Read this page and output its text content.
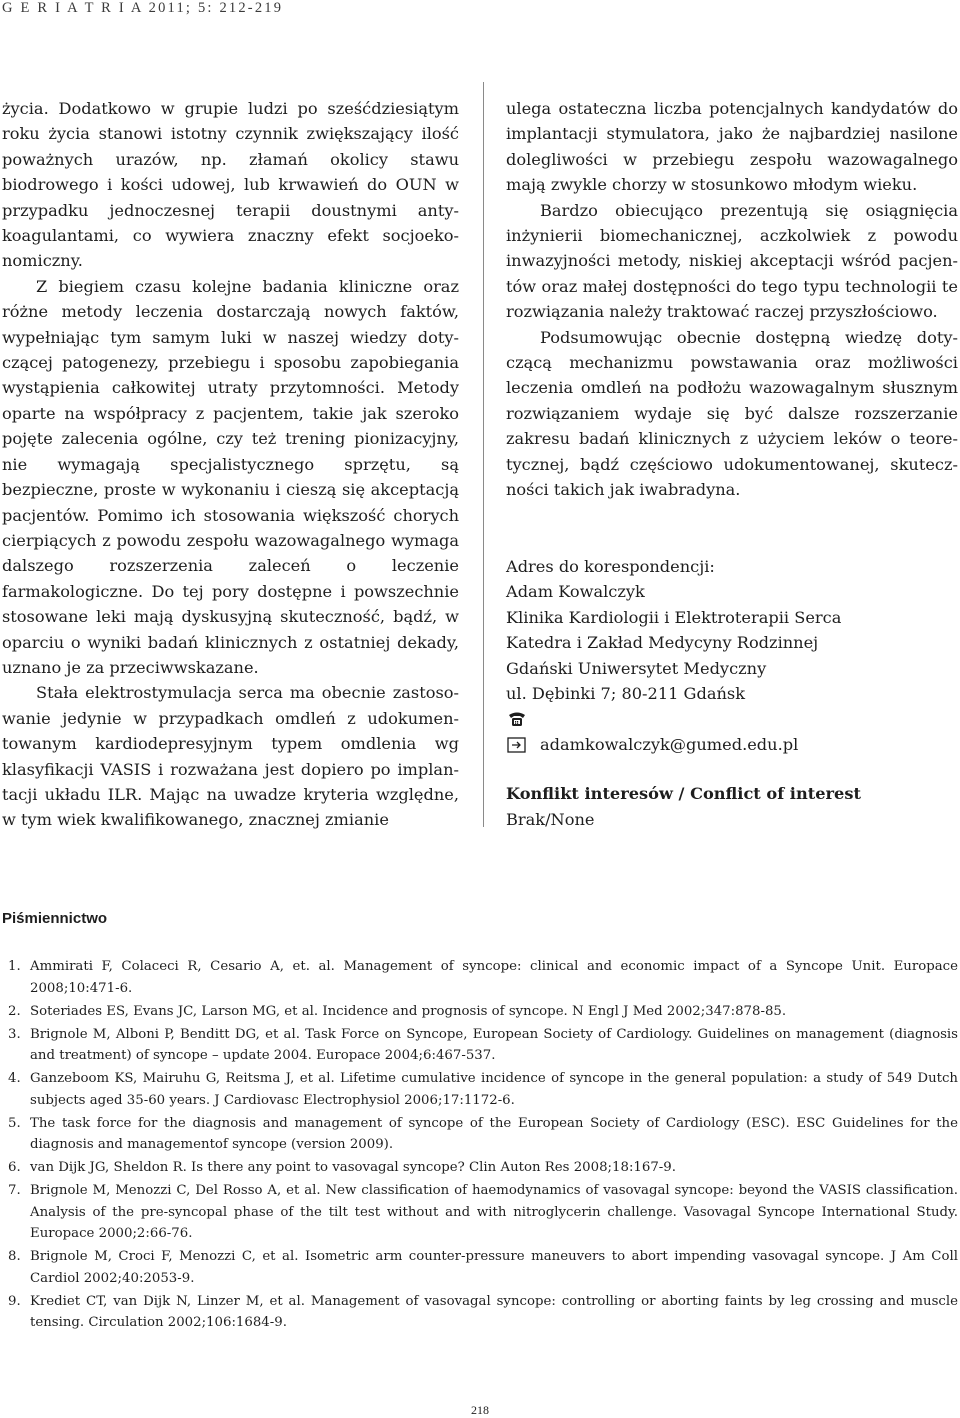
G E R I A T R I A 2011; 5: 212-219

życia. Dodatkowo w grupie ludzi po sześćdziesiątym roku życia stanowi istotny czynnik zwiększający ilość poważnych urazów, np. złamań okolicy stawu biodrowego i kości udowej, lub krwawień do OUN w przypadku jednoczesnej terapii doustnymi antykoagulantami, co wywiera znaczny efekt socjoekonomiczny.

Z biegiem czasu kolejne badania kliniczne oraz różne metody leczenia dostarczają nowych faktów, wypełniając tym samym luki w naszej wiedzy dotyczącej patogenezy, przebiegu i sposobu zapobiegania wystąpienia całkowitej utraty przytomności. Metody oparte na współpracy z pacjentem, takie jak szeroko pojęte zalecenia ogólne, czy też trening pionizacyjny, nie wymagają specjalistycznego sprzętu, są bezpieczne, proste w wykonaniu i cieszą się akceptacją pacjentów. Pomimo ich stosowania większość chorych cierpiących z powodu zespołu wazowagalnego wymaga dalszego rozszerzenia zaleceń o leczenie farmakologiczne. Do tej pory dostępne i powszechnie stosowane leki mają dyskusyjną skuteczność, bądź, w oparciu o wyniki badań klinicznych z ostatniej dekady, uznano je za przeciwwskazane.

Stała elektrostymulacja serca ma obecnie zastosowanie jedynie w przypadkach omdleń z udokumentowanym kardiodepresyjnym typem omdlenia wg klasyfikacji VASIS i rozważana jest dopiero po implantacji układu ILR. Mając na uwadze kryteria względne, w tym wiek kwalifikowanego, znacznej zmianie

ulega ostateczna liczba potencjalnych kandydatów do implantacji stymulatora, jako że najbardziej nasilone dolegliwości w przebiegu zespołu wazowagalnego mają zwykle chorzy w stosunkowo młodym wieku.

Bardzo obiecująco prezentują się osiągnięcia inżynierii biomechanicznej, aczkolwiek z powodu inwazyjności metody, niskiej akceptacji wśród pacjentów oraz małej dostępności do tego typu technologii te rozwiązania należy traktować raczej przyszłościowo.

Podsumowując obecnie dostępną wiedzę dotyczącą mechanizmu powstawania oraz możliwości leczenia omdleń na podłożu wazowagalnym słusznym rozwiązaniem wydaje się być dalsze rozszerzanie zakresu badań klinicznych z użyciem leków o teoretycznej, bądź częściowo udokumentowanej, skuteczności takich jak iwabradyna.

Adres do korespondencji:
Adam Kowalczyk
Klinika Kardiologii i Elektroterapii Serca
Katedra i Zakład Medycyny Rodzinnej
Gdański Uniwersytet Medyczny
ul. Dębinki 7; 80-211 Gdańsk
adamkowalczyk@gumed.edu.pl
Konflikt interesów / Conflict of interest
Brak/None
Piśmiennictwo
1. Ammirati F, Colaceci R, Cesario A, et. al. Management of syncope: clinical and economic impact of a Syncope Unit. Europace 2008;10:471-6.
2. Soteriades ES, Evans JC, Larson MG, et al. Incidence and prognosis of syncope. N Engl J Med 2002;347:878-85.
3. Brignole M, Alboni P, Benditt DG, et al. Task Force on Syncope, European Society of Cardiology. Guidelines on management (diagnosis and treatment) of syncope – update 2004. Europace 2004;6:467-537.
4. Ganzeboom KS, Mairuhu G, Reitsma J, et al. Lifetime cumulative incidence of syncope in the general population: a study of 549 Dutch subjects aged 35-60 years. J Cardiovasc Electrophysiol 2006;17:1172-6.
5. The task force for the diagnosis and management of syncope of the European Society of Cardiology (ESC). ESC Guidelines for the diagnosis and managementof syncope (version 2009).
6. van Dijk JG, Sheldon R. Is there any point to vasovagal syncope? Clin Auton Res 2008;18:167-9.
7. Brignole M, Menozzi C, Del Rosso A, et al. New classification of haemodynamics of vasovagal syncope: beyond the VASIS classification. Analysis of the pre-syncopal phase of the tilt test without and with nitroglycerin challenge. Vasovagal Syncope International Study. Europace 2000;2:66-76.
8. Brignole M, Croci F, Menozzi C, et al. Isometric arm counter-pressure maneuvers to abort impending vasovagal syncope. J Am Coll Cardiol 2002;40:2053-9.
9. Krediet CT, van Dijk N, Linzer M, et al. Management of vasovagal syncope: controlling or aborting faints by leg crossing and muscle tensing. Circulation 2002;106:1684-9.
218
